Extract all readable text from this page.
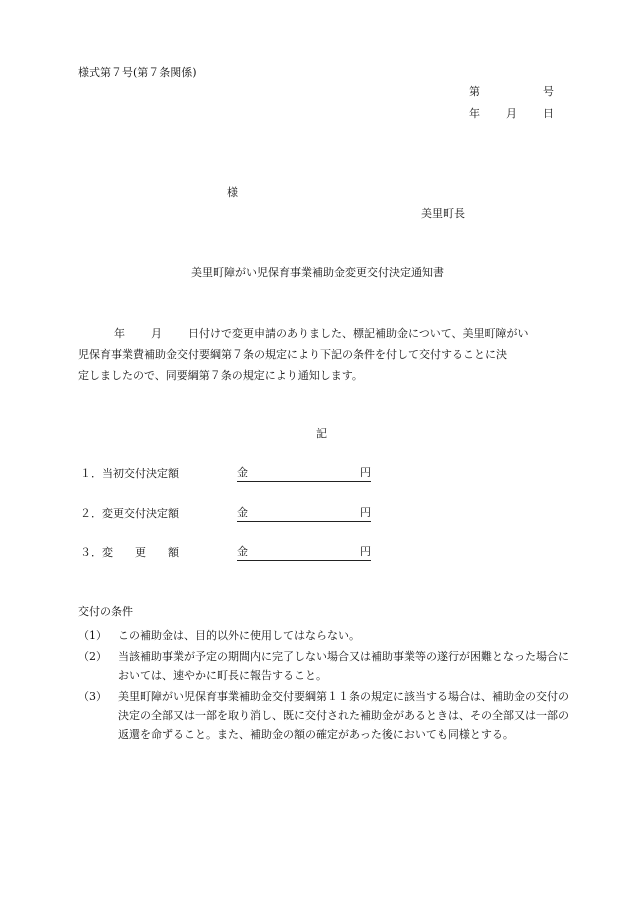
様式第７号(第７条関係)
第	号
年 月 日
様
美里町長
美里町障がい児保育事業補助金変更交付決定通知書
年 月 日付けで変更申請のありました、標記補助金について、美里町障がい
児保育事業費補助金交付要綱第７条の規定により下記の条件を付して交付することに決
定しましたので、同要綱第７条の規定により通知します。
記
１．当初交付決定額	金	円
２．変更交付決定額	金	円
３．変　　更　　額	金	円
交付の条件
（1） この補助金は、目的以外に使用してはならない。
（2） 当該補助事業が予定の期間内に完了しない場合又は補助事業等の遂行が困難となった場合においては、速やかに町長に報告すること。
（3） 美里町障がい児保育事業補助金交付要綱第１１条の規定に該当する場合は、補助金の交付の決定の全部又は一部を取り消し、既に交付された補助金があるときは、その全部又は一部の返還を命ずること。また、補助金の額の確定があった後においても同様とする。
